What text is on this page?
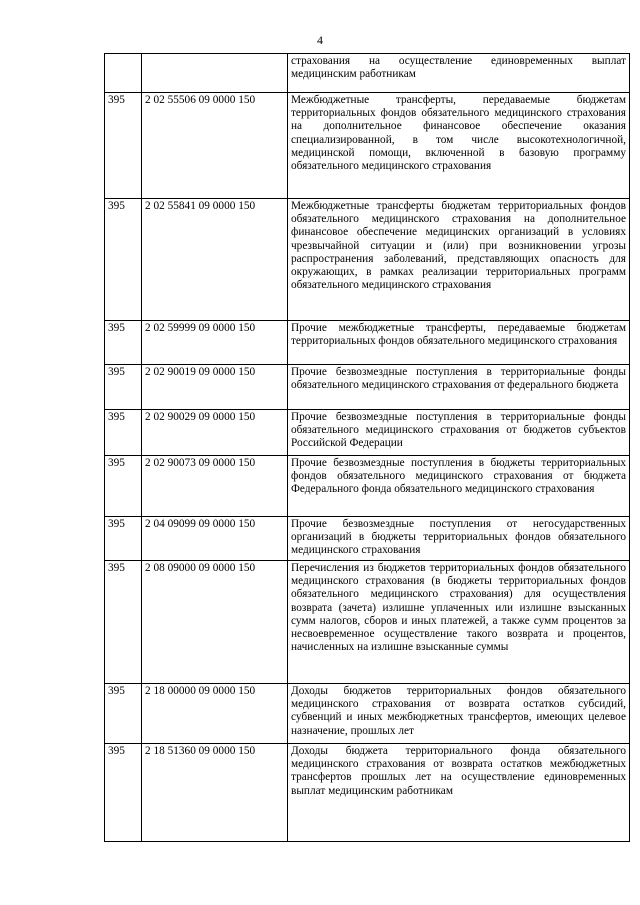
4
		страхования на осуществление единовременных выплат медицинским работникам
395	2 02 55506 09 0000 150	Межбюджетные трансферты, передаваемые бюджетам территориальных фондов обязательного медицинского страхования на дополнительное финансовое обеспечение оказания специализированной, в том числе высокотехнологичной, медицинской помощи, включенной в базовую программу обязательного медицинского страхования
395	2 02 55841 09 0000 150	Межбюджетные трансферты бюджетам территориальных фондов обязательного медицинского страхования на дополнительное финансовое обеспечение медицинских организаций в условиях чрезвычайной ситуации и (или) при возникновении угрозы распространения заболеваний, представляющих опасность для окружающих, в рамках реализации территориальных программ обязательного медицинского страхования
395	2 02 59999 09 0000 150	Прочие межбюджетные трансферты, передаваемые бюджетам территориальных фондов обязательного медицинского страхования
395	2 02 90019 09 0000 150	Прочие безвозмездные поступления в территориальные фонды обязательного медицинского страхования от федерального бюджета
395	2 02 90029 09 0000 150	Прочие безвозмездные поступления в территориальные фонды обязательного медицинского страхования от бюджетов субъектов Российской Федерации
395	2 02 90073 09 0000 150	Прочие безвозмездные поступления в бюджеты территориальных фондов обязательного медицинского страхования от бюджета Федерального фонда обязательного медицинского страхования
395	2 04 09099 09 0000 150	Прочие безвозмездные поступления от негосударственных организаций в бюджеты территориальных фондов обязательного медицинского страхования
395	2 08 09000 09 0000 150	Перечисления из бюджетов территориальных фондов обязательного медицинского страхования (в бюджеты территориальных фондов обязательного медицинского страхования) для осуществления возврата (зачета) излишне уплаченных или излишне взысканных сумм налогов, сборов и иных платежей, а также сумм процентов за несвоевременное осуществление такого возврата и процентов, начисленных на излишне взысканные суммы
395	2 18 00000 09 0000 150	Доходы бюджетов территориальных фондов обязательного медицинского страхования от возврата остатков субсидий, субвенций и иных межбюджетных трансфертов, имеющих целевое назначение, прошлых лет
395	2 18 51360 09 0000 150	Доходы бюджета территориального фонда обязательного медицинского страхования от возврата остатков межбюджетных трансфертов прошлых лет на осуществление единовременных выплат медицинским работникам
